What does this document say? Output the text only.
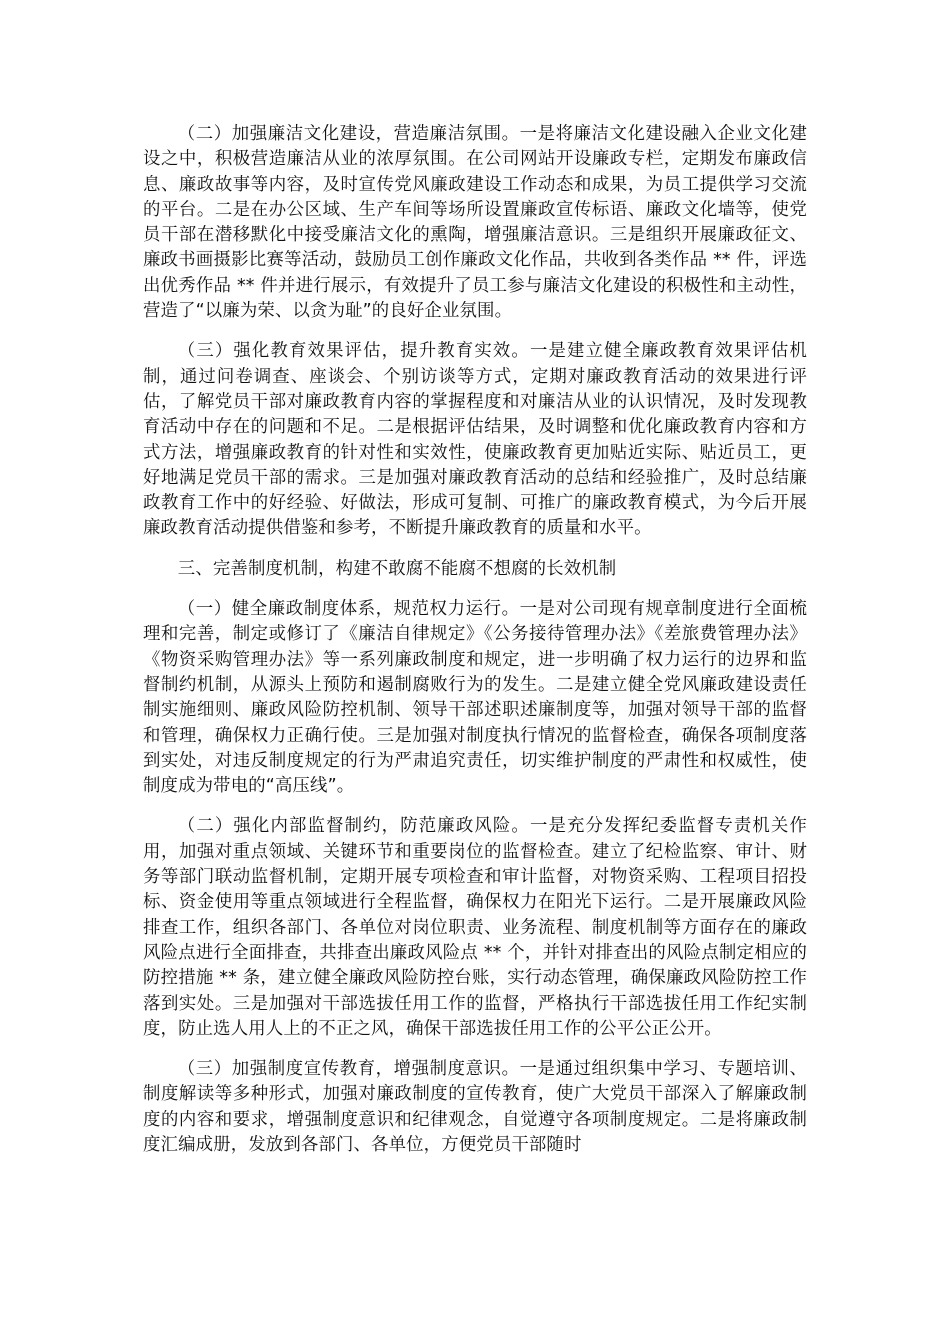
（二）加强廉洁文化建设，营造廉洁氛围。一是将廉洁文化建设融入企业文化建设之中，积极营造廉洁从业的浓厚氛围。在公司网站开设廉政专栏，定期发布廉政信息、廉政故事等内容，及时宣传党风廉政建设工作动态和成果，为员工提供学习交流的平台。二是在办公区域、生产车间等场所设置廉政宣传标语、廉政文化墙等，使党员干部在潜移默化中接受廉洁文化的熏陶，增强廉洁意识。三是组织开展廉政征文、廉政书画摄影比赛等活动，鼓励员工创作廉政文化作品，共收到各类作品 ** 件，评选出优秀作品 ** 件并进行展示，有效提升了员工参与廉洁文化建设的积极性和主动性，营造了“以廉为荣、以贪为耻”的良好企业氛围。

（三）强化教育效果评估，提升教育实效。一是建立健全廉政教育效果评估机制，通过问卷调查、座谈会、个别访谈等方式，定期对廉政教育活动的效果进行评估，了解党员干部对廉政教育内容的掌握程度和对廉洁从业的认识情况，及时发现教育活动中存在的问题和不足。二是根据评估结果，及时调整和优化廉政教育内容和方式方法，增强廉政教育的针对性和实效性，使廉政教育更加贴近实际、贴近员工，更好地满足党员干部的需求。三是加强对廉政教育活动的总结和经验推广，及时总结廉政教育工作中的好经验、好做法，形成可复制、可推广的廉政教育模式，为今后开展廉政教育活动提供借鉴和参考，不断提升廉政教育的质量和水平。

三、完善制度机制，构建不敢腐不能腐不想腐的长效机制

（一）健全廉政制度体系，规范权力运行。一是对公司现有规章制度进行全面梳理和完善，制定或修订了《廉洁自律规定》《公务接待管理办法》《差旅费管理办法》《物资采购管理办法》等一系列廉政制度和规定，进一步明确了权力运行的边界和监督制约机制，从源头上预防和遏制腐败行为的发生。二是建立健全党风廉政建设责任制实施细则、廉政风险防控机制、领导干部述职述廉制度等，加强对领导干部的监督和管理，确保权力正确行使。三是加强对制度执行情况的监督检查，确保各项制度落到实处，对违反制度规定的行为严肃追究责任，切实维护制度的严肃性和权威性，使制度成为带电的“高压线”。

（二）强化内部监督制约，防范廉政风险。一是充分发挥纪委监督专责机关作用，加强对重点领域、关键环节和重要岗位的监督检查。建立了纪检监察、审计、财务等部门联动监督机制，定期开展专项检查和审计监督，对物资采购、工程项目招投标、资金使用等重点领域进行全程监督，确保权力在阳光下运行。二是开展廉政风险排查工作，组织各部门、各单位对岗位职责、业务流程、制度机制等方面存在的廉政风险点进行全面排查，共排查出廉政风险点 ** 个，并针对排查出的风险点制定相应的防控措施 ** 条，建立健全廉政风险防控台账，实行动态管理，确保廉政风险防控工作落到实处。三是加强对干部选拔任用工作的监督，严格执行干部选拔任用工作纪实制度，防止选人用人上的不正之风，确保干部选拔任用工作的公平公正公开。

（三）加强制度宣传教育，增强制度意识。一是通过组织集中学习、专题培训、制度解读等多种形式，加强对廉政制度的宣传教育，使广大党员干部深入了解廉政制度的内容和要求，增强制度意识和纪律观念，自觉遵守各项制度规定。二是将廉政制度汇编成册，发放到各部门、各单位，方便党员干部随时
